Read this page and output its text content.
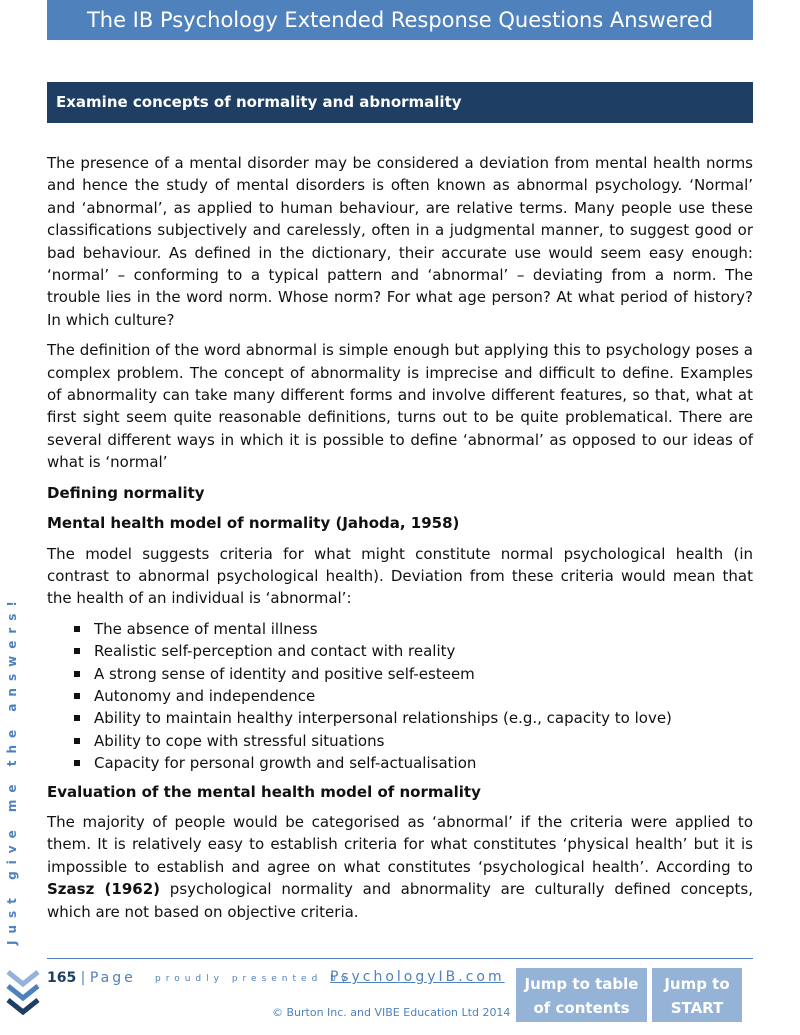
The IB Psychology Extended Response Questions Answered
Examine concepts of normality and abnormality

The presence of a mental disorder may be considered a deviation from mental health norms and hence the study of mental disorders is often known as abnormal psychology. ‘Normal’ and ‘abnormal’, as applied to human behaviour, are relative terms. Many people use these classifications subjectively and carelessly, often in a judgmental manner, to suggest good or bad behaviour. As defined in the dictionary, their accurate use would seem easy enough: ‘normal’ – conforming to a typical pattern and ‘abnormal’ – deviating from a norm. The trouble lies in the word norm. Whose norm? For what age person? At what period of history? In which culture?

The definition of the word abnormal is simple enough but applying this to psychology poses a complex problem. The concept of abnormality is imprecise and difficult to define. Examples of abnormality can take many different forms and involve different features, so that, what at first sight seem quite reasonable definitions, turns out to be quite problematical. There are several different ways in which it is possible to define ‘abnormal’ as opposed to our ideas of what is ‘normal’

Defining normality
Mental health model of normality (Jahoda, 1958)

The model suggests criteria for what might constitute normal psychological health (in contrast to abnormal psychological health). Deviation from these criteria would mean that the health of an individual is ‘abnormal’:

The absence of mental illness
Realistic self-perception and contact with reality
A strong sense of identity and positive self-esteem
Autonomy and independence
Ability to maintain healthy interpersonal relationships (e.g., capacity to love)
Ability to cope with stressful situations
Capacity for personal growth and self-actualisation
Evaluation of the mental health model of normality

The majority of people would be categorised as ‘abnormal’ if the criteria were applied to them. It is relatively easy to establish criteria for what constitutes ‘physical health’ but it is impossible to establish and agree on what constitutes ‘psychological health’. According to Szasz (1962) psychological normality and abnormality are culturally defined concepts, which are not based on objective criteria.

Just give me the answers!
165 | Page proudly presented by
PsychologyIB.com
© Burton Inc. and VIBE Education Ltd 2014
Jump to table
of contents
Jump to
START
